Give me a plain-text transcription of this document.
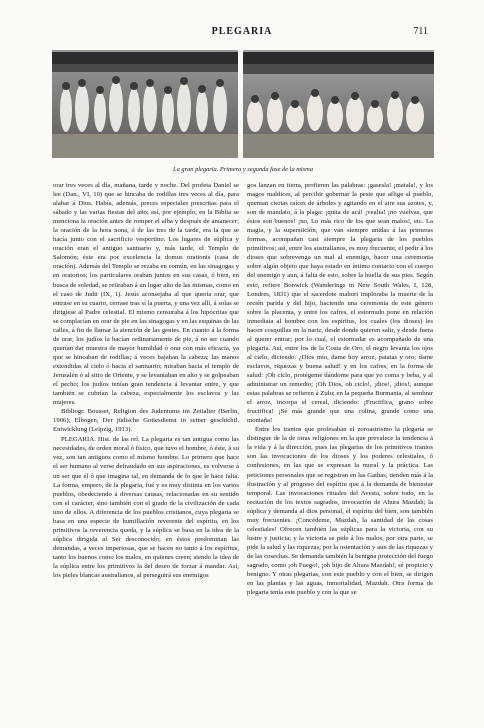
PLEGARIA	711
La gran plegaria. Primera y segunda fase de la misma

orar tres veces al día, mañana, tarde y noche. Del profeta Daniel se lee (Dan., VI, 10) que se hincaba de rodillas tres veces al día, para alabar á Dios. Había, además, preces especiales prescritas para el sábado y las varias fiestas del año; así, por ejemplo, en la Biblia se menciona la oración antes de romper el alba y después de amanecer; la oración de la hora nona, ó de las tres de la tarde, era la que se hacía junto con el sacrificio vespertino. Los lugares de súplica y oración eran el antiguo santuario y, más tarde, el Templo de Salomón; éste era por excelencia la domus orationis (casa de oración). Además del Templo se rezaba en común, en las sinagogas y en oratorios; los particulares oraban juntos en sus casas, ó bien, en busca de soledad, se retiraban á un lugar alto de las mismas, como en el caso de Judit (IX, 1). Jesús aconsejaba al que quería orar, que entrase en su cuarto, cerrase tras sí la puerta, y una vez allí, á solas se dirigiese al Padre celestial. El mismo censuraba á los hipócritas que se complacían en orar de pie en las sinagogas y en las esquinas de las calles, á fin de llamar la atención de las gentes. En cuanto á la forma de orar, los judíos la hacían ordinariamente de pie, á no ser cuando querían dar muestra de mayor humildad ó orar con más eficacia, ya que se hincaban de rodillas; á veces bajaban la cabeza; las manos extendidas al cielo ó hacia el santuario; miraban hacia el templo de Jerusalén ó al sitio de Oriente, y se levantaban en alto y se golpeaban el pecho; los judíos tenían gran tendencia á levantar entre, y que también se cubrían la cabeza, especialmente los esclavos y las mujeres.

Bibliogr. Bousset, Religion des Judentums im Zeitalter (Berlin, 1906); Elbogen, Der jüdische Gottesdienst in seiner geschichtl. Entwicklung (Leipzig, 1913).

PLEGARIA. Hist. de las rel. La plegaria es tan antigua como las necesidades, de orden moral ó físico, que tuvo el hombre, ó éste, á su vez, son tan antiguos como el mismo hombre. Lo primero que hace el ser humano al verse defraudado en sus aspiraciones, es volverse á un ser que él ó que imagina tal, en demanda de lo que le hace falta. La forma, empero, de la plegaria, fué y es muy distinta en los varios pueblos, obedeciendo á diversas causas, relacionadas en su sentido con el carácter, sino también con el grado de la civilización de cada uno de ellos. A diferencia de los pueblos cristianos, cuya plegaria se basa en una especie de humillación reverente del espíritu, en los primitivos la reverencia queda, y la súplica se basa en la idea de la súplica dirigida al Ser desconocido; en éstos predominan las demandas, a veces imperiosas, que se hacen no tanto á los espíritus, tanto los buenos como los malos, en quienes creen; siendo la idea de la súplica entre los primitivos la del deseo de forzar á mandar. Así, los pieles blancas australianos, al perseguirá sus enemigos

gos lanzan en tierra, profieren las palabras: ¡gasesla! ¡matala!, y los magos maldices, al percibir gobernar la peste que aflige al pueblo, queman ciertas raíces de árboles y agitando en el aire sus azotes, y, son de mandato, á la plaga: ¡quita de acá! ¡vealia! ¡no vuelvas, que éstos son buenos! ¡no, Lo más rico de los que sean malos!, etc. La magia, y la superstición, que van siempre unidas á las primeras formas, acompañan casi siempre la plegaria de los pueblos primitivos; así, entre los australianos, es muy frecuente, el pedir á los dioses que sobrevenga un mal al enemigo, hacer una ceremonia sobre algún objeto que haya estado en íntimo contacto con el cuerpo del enemigo y aun, á falta de esto, sobre la huella de sus pies. Según esto, refiere Bonwick (Wanderings in New South Wales, I, 128, Londres, 1831) que el sacerdote mahori imploraba la muerte de la recién parida y del hijo, haciendo una ceremonia de este género sobre la placenta, y entre los cafres, el estornudo pone en relación inmediata al hombre con los espíritus, los cuales (los dioses) les hacen cosquillas en la nariz, desde donde quieren salir, y desde fuera al querer entrar; por lo cual, el estornudar es acompañado de una plegaria. Así, entre los de la Costa de Oro, el negro levanta los ojos al cielo, diciendo: ¿Dios mío, dame hoy arroz, patatas y oro; dame esclavos, riquezas y buena salud! y en los cafres, en la forma de salud: ¡Oh ciclo, protégeme dándome para que yo coma y beba, y al administrar un remedio; ¡Oh Dios, oh ciclo!, ¡dios!, ¡dios!, aunque estas palabras se refieren á Zulu; en la pequeña Burmania, al sembrar el arroz, incorpa el cereal, diciendo: ¡Fructifica, grano sobre fructifica! ¡Sé más grande que una colina, grande como una montaña!

Entre los iranios que profesaban el zoroastrismo la plegaria se distingue de la de otras religiones en la que prevalece la tendencia á la vida y á la dirección, pues las plegarias de los primitivos iranios son las invocaciones de los dioses y los poderes celestiales, ó confesiones, en las que se expresan la moral y la práctica. Las peticiones personales que se registran en las Gathas, tienden más á la ilustración y al progreso del espíritu que á la demanda de bienestar temporal. Las invocaciones rituales del Avesta, sobre todo, en la recitación de los textos sagrados, invocación de Ahura Mazdah; la súplica y demanda al dios personal, el espíritu del bien, son también muy frecuentes. ¡Concédeme, Mazdah, la santidad de las cosas celestiales! Ofrecen también las súplicas para la victoria, con su lustre y justicia; y la victoria se pide á los malos, por otra parte, se pide la salud y las riquezas; por la ostentación y aun de las riquezas y de las cosechas. Se demanda también la benigna protección del fuego sagrado, como ¡oh Fuego!, ¡oh hijo de Ahura Mazdah!, sé propicio y benigno. Y otras plegarias, con este pueblo y con el bien, se dirigen en las plantas y las aguas, inmortalidad, Mazdah. Otra forma de plegaria tenía este pueblo y con la que se
